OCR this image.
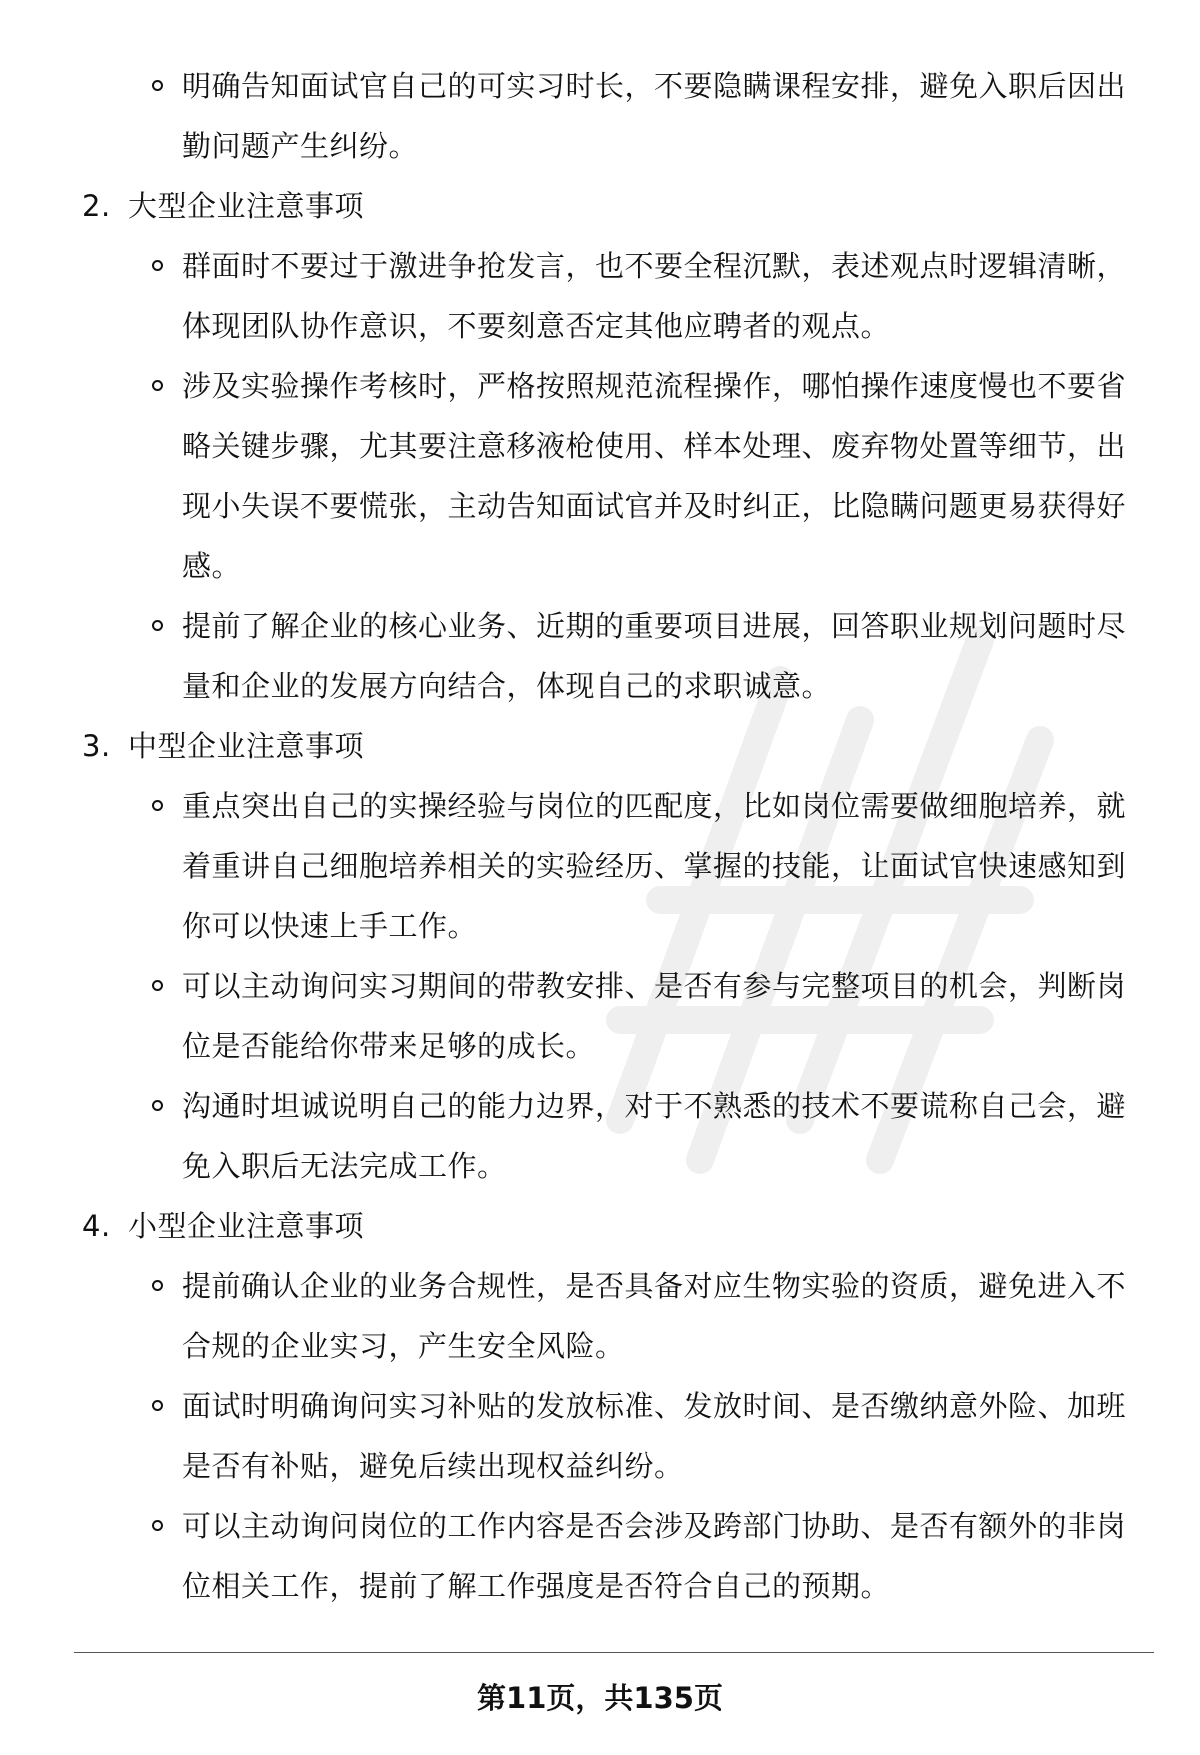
明确告知面试官自己的可实习时长，不要隐瞒课程安排，避免入职后因出勤问题产生纠纷。
2. 大型企业注意事项
群面时不要过于激进争抢发言，也不要全程沉默，表述观点时逻辑清晰，体现团队协作意识，不要刻意否定其他应聘者的观点。
涉及实验操作考核时，严格按照规范流程操作，哪怕操作速度慢也不要省略关键步骤，尤其要注意移液枪使用、样本处理、废弃物处置等细节，出现小失误不要慌张，主动告知面试官并及时纠正，比隐瞒问题更易获得好感。
提前了解企业的核心业务、近期的重要项目进展，回答职业规划问题时尽量和企业的发展方向结合，体现自己的求职诚意。
3. 中型企业注意事项
重点突出自己的实操经验与岗位的匹配度，比如岗位需要做细胞培养，就着重讲自己细胞培养相关的实验经历、掌握的技能，让面试官快速感知到你可以快速上手工作。
可以主动询问实习期间的带教安排、是否有参与完整项目的机会，判断岗位是否能给你带来足够的成长。
沟通时坦诚说明自己的能力边界，对于不熟悉的技术不要谎称自己会，避免入职后无法完成工作。
4. 小型企业注意事项
提前确认企业的业务合规性，是否具备对应生物实验的资质，避免进入不合规的企业实习，产生安全风险。
面试时明确询问实习补贴的发放标准、发放时间、是否缴纳意外险、加班是否有补贴，避免后续出现权益纠纷。
可以主动询问岗位的工作内容是否会涉及跨部门协助、是否有额外的非岗位相关工作，提前了解工作强度是否符合自己的预期。
第11页，共135页
